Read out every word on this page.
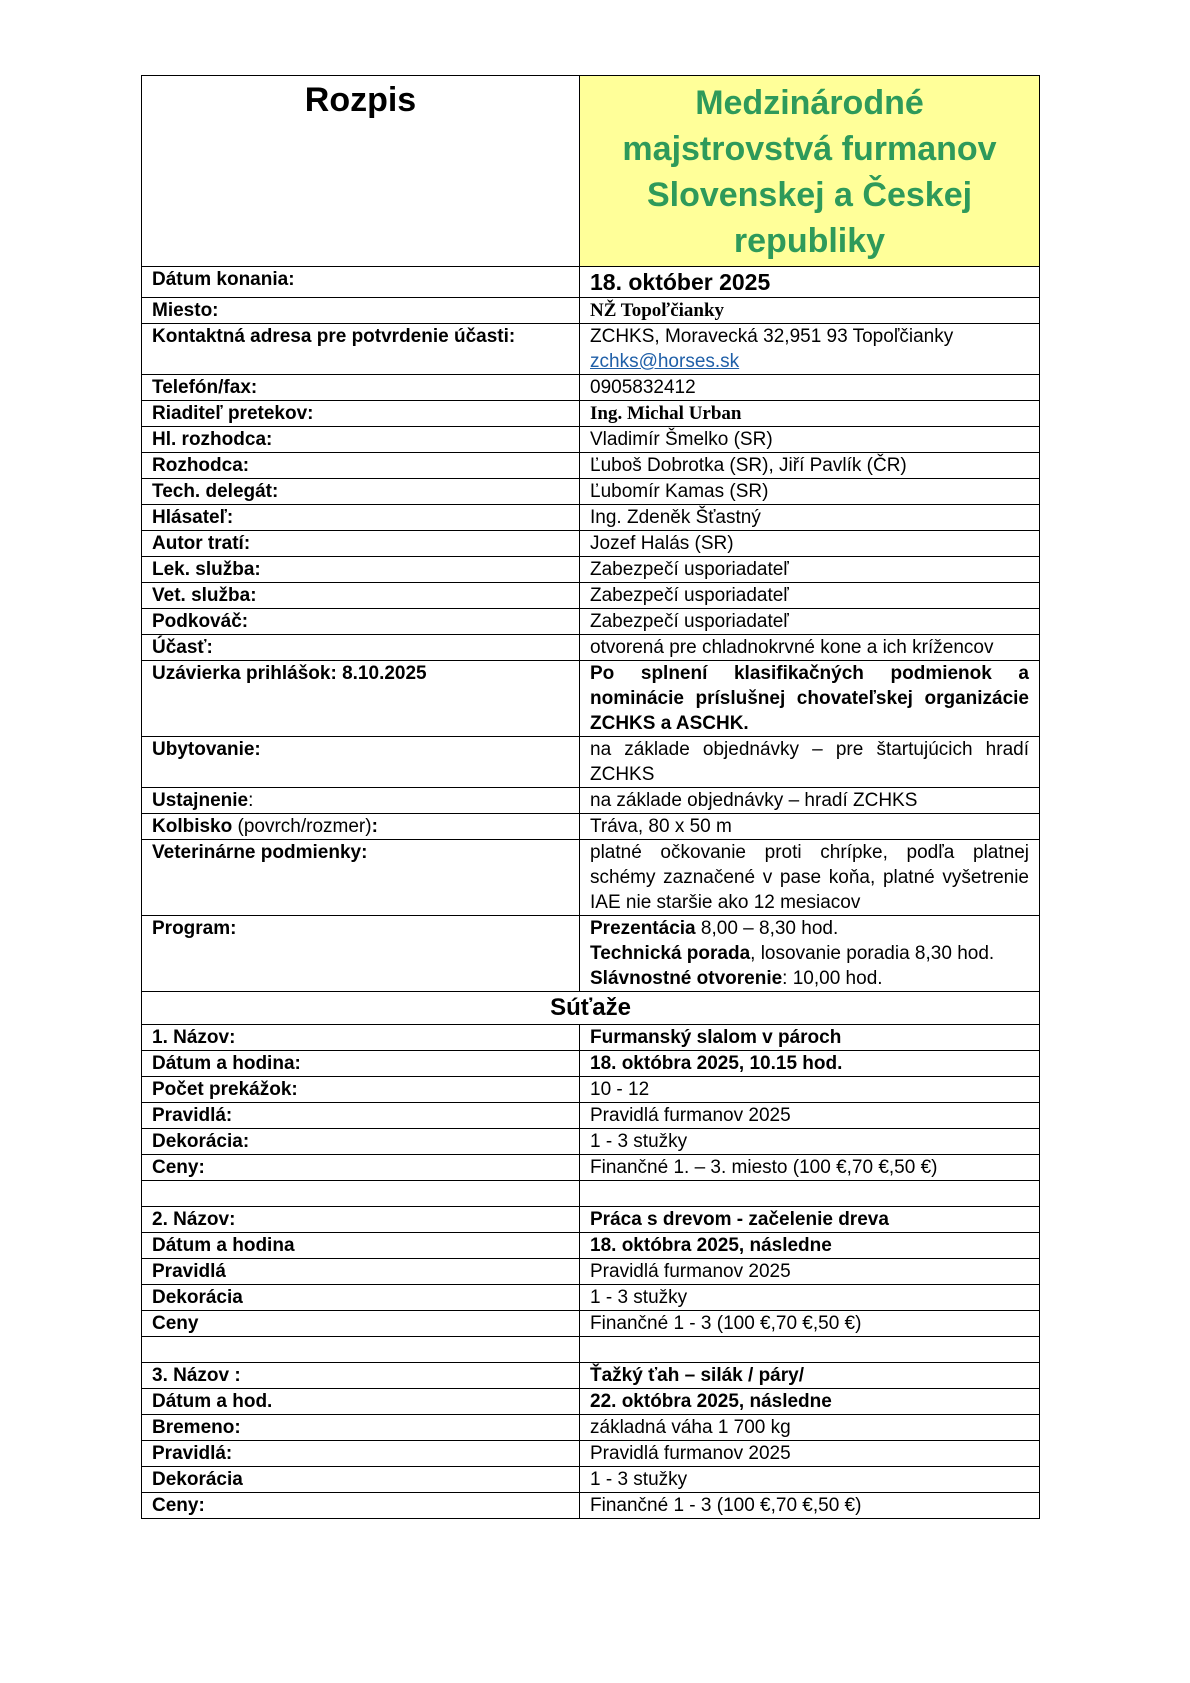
Rozpis	Medzinárodné majstrovstvá furmanov Slovenskej a Českej republiky
Dátum konania:	18. október 2025
Miesto:	NŽ Topoľčianky
Kontaktná adresa pre potvrdenie účasti:	ZCHKS, Moravecká 32,951 93 Topoľčianky
zchks@horses.sk
Telefón/fax:	0905832412
Riaditeľ pretekov:	Ing. Michal Urban
Hl. rozhodca:	Vladimír Šmelko (SR)
Rozhodca:	Ľuboš Dobrotka (SR), Jiří Pavlík (ČR)
Tech. delegát:	Ľubomír Kamas (SR)
Hlásateľ:	Ing. Zdeněk Šťastný
Autor tratí:	Jozef Halás (SR)
Lek. služba:	Zabezpečí usporiadateľ
Vet. služba:	Zabezpečí usporiadateľ
Podkováč:	Zabezpečí usporiadateľ
Účasť:	otvorená pre chladnokrvné kone a ich krížencov
Uzávierka prihlášok: 8.10.2025	Po splnení klasifikačných podmienok a nominácie príslušnej chovateľskej organizácie ZCHKS a ASCHK.
Ubytovanie:	na základe objednávky – pre štartujúcich hradí ZCHKS
Ustajnenie:	na základe objednávky – hradí ZCHKS
Kolbisko (povrch/rozmer):	Tráva, 80 x 50 m
Veterinárne podmienky:	platné očkovanie proti chrípke, podľa platnej schémy zaznačené v pase koňa, platné vyšetrenie IAE nie staršie ako 12 mesiacov
Program:	Prezentácia 8,00 – 8,30 hod.
Technická porada, losovanie poradia 8,30 hod.
Slávnostné otvorenie: 10,00 hod.

Súťaže	
1. Názov:	Furmanský slalom v pároch
Dátum a hodina:	18. októbra 2025, 10.15 hod.
Počet prekážok:	10 - 12
Pravidlá:	Pravidlá furmanov 2025
Dekorácia:	1 - 3 stužky
Ceny:	Finančné 1. – 3. miesto (100 €,70 €,50 €)

2. Názov:	Práca s drevom - začelenie dreva
Dátum a hodina	18. októbra 2025, následne
Pravidlá	Pravidlá furmanov 2025
Dekorácia	1 - 3 stužky
Ceny	Finančné 1 - 3 (100 €,70 €,50 €)

3. Názov :	Ťažký ťah – silák / páry/
Dátum a hod.	22. októbra 2025, následne
Bremeno:	základná váha 1 700 kg
Pravidlá:	Pravidlá furmanov 2025
Dekorácia	1 - 3 stužky
Ceny:	Finančné 1 - 3 (100 €,70 €,50 €)
